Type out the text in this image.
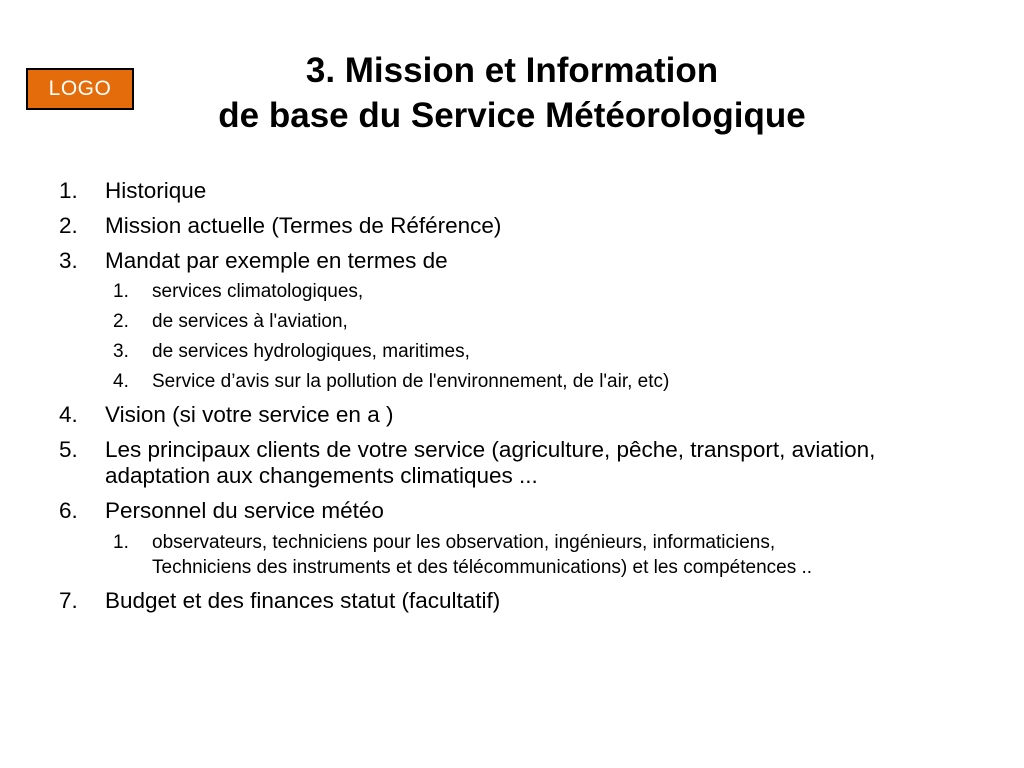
LOGO	3. Mission et Information
de base du Service Météorologique
1. Historique
2. Mission actuelle (Termes de Référence)
3. Mandat par exemple en termes de
1. services climatologiques,
2. de services à l'aviation,
3. de services hydrologiques, maritimes,
4. Service d’avis sur la pollution de l'environnement, de l'air, etc)
4. Vision (si votre service en a )
5. Les principaux clients de votre service (agriculture, pêche, transport, aviation, adaptation aux changements climatiques ...
6. Personnel du service météo
1. observateurs, techniciens pour les observation, ingénieurs, informaticiens, Techniciens des instruments et des télécommunications) et les compétences ..
7. Budget et des finances statut (facultatif)
